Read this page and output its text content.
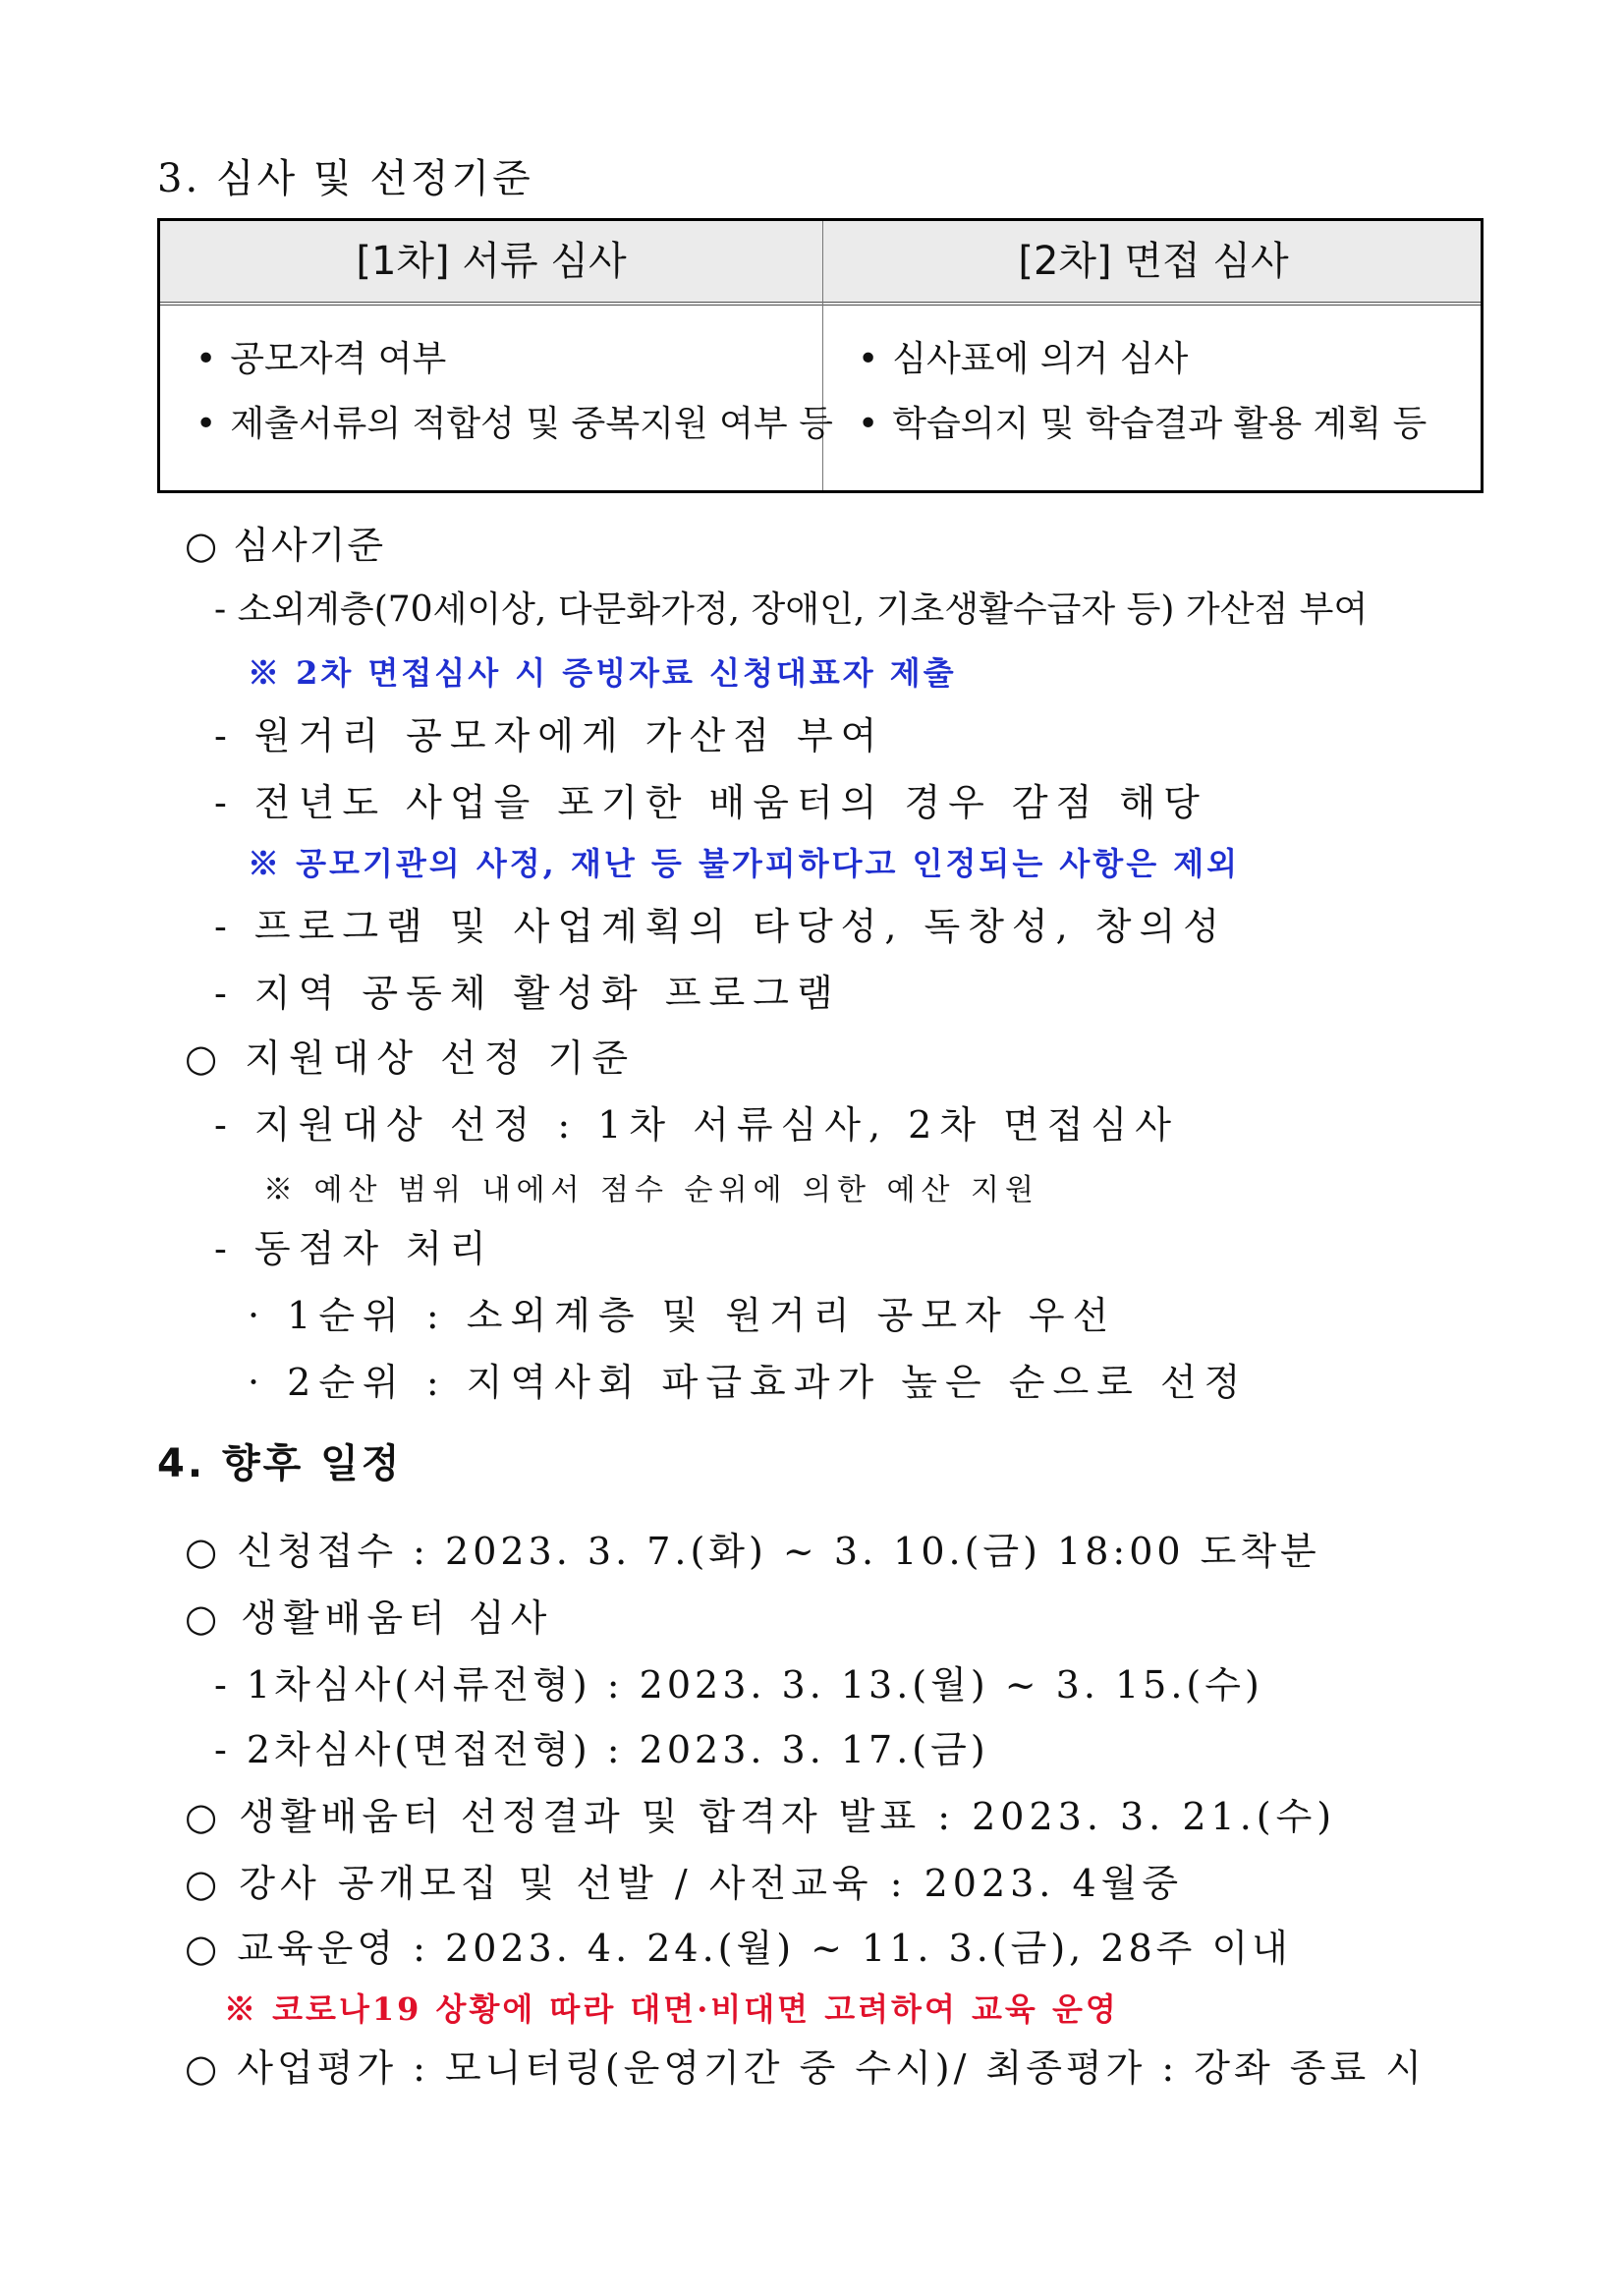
3. 심사 및 선정기준
[1차] 서류 심사	[2차] 면접 심사
• 공모자격 여부
• 제출서류의 적합성 및 중복지원 여부 등
• 심사표에 의거 심사
• 학습의지 및 학습결과 활용 계획 등
○ 심사기준
- 소외계층(70세이상, 다문화가정, 장애인, 기초생활수급자 등) 가산점 부여
※ 2차 면접심사 시 증빙자료 신청대표자 제출
- 원거리 공모자에게 가산점 부여
- 전년도 사업을 포기한 배움터의 경우 감점 해당
※ 공모기관의 사정, 재난 등 불가피하다고 인정되는 사항은 제외
- 프로그램 및 사업계획의 타당성, 독창성, 창의성
- 지역 공동체 활성화 프로그램
○ 지원대상 선정 기준
- 지원대상 선정 : 1차 서류심사, 2차 면접심사
※ 예산 범위 내에서 점수 순위에 의한 예산 지원
- 동점자 처리
· 1순위 : 소외계층 및 원거리 공모자 우선
· 2순위 : 지역사회 파급효과가 높은 순으로 선정
4. 향후 일정
○ 신청접수 : 2023. 3. 7.(화) ~ 3. 10.(금) 18:00 도착분
○ 생활배움터 심사
- 1차심사(서류전형) : 2023. 3. 13.(월) ~ 3. 15.(수)
- 2차심사(면접전형) : 2023. 3. 17.(금)
○ 생활배움터 선정결과 및 합격자 발표 : 2023. 3. 21.(수)
○ 강사 공개모집 및 선발 / 사전교육 : 2023. 4월중
○ 교육운영 : 2023. 4. 24.(월) ~ 11. 3.(금), 28주 이내
※ 코로나19 상황에 따라 대면·비대면 고려하여 교육 운영
○ 사업평가 : 모니터링(운영기간 중 수시)/ 최종평가 : 강좌 종료 시
